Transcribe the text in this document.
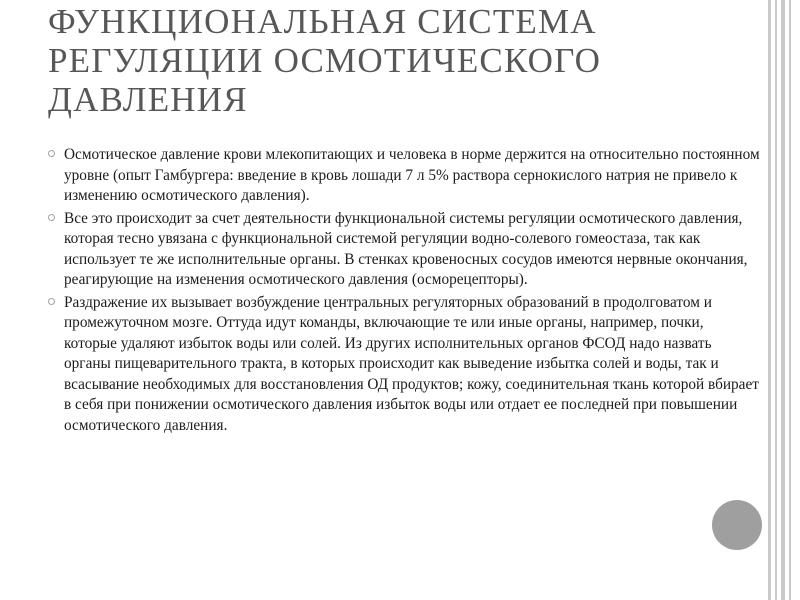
ФУНКЦИОНАЛЬНАЯ СИСТЕМА РЕГУЛЯЦИИ ОСМОТИЧЕСКОГО ДАВЛЕНИЯ
Осмотическое давление крови млекопитающих и человека в норме держится на относительно постоянном уровне (опыт Гамбургера: введение в кровь лошади 7 л 5% раствора сернокислого натрия не привело к изменению осмотического давления).
Все это происходит за счет деятельности функциональной системы регуляции осмотического давления, которая тесно увязана с функциональной системой регуляции водно-солевого гомеостаза, так как использует те же исполнительные органы. В стенках кровеносных сосудов имеются нервные окончания, реагирующие на изменения осмотического давления (осморецепторы).
Раздражение их вызывает возбуждение центральных регуляторных образований в продолговатом и промежуточном мозге. Оттуда идут команды, включающие те или иные органы, например, почки, которые удаляют избыток воды или солей. Из других исполнительных органов ФСОД надо назвать органы пищеварительного тракта, в которых происходит как выведение избытка солей и воды, так и всасывание необходимых для восстановления ОД продуктов; кожу, соединительная ткань которой вбирает в себя при понижении осмотического давления избыток воды или отдает ее последней при повышении осмотического давления.
